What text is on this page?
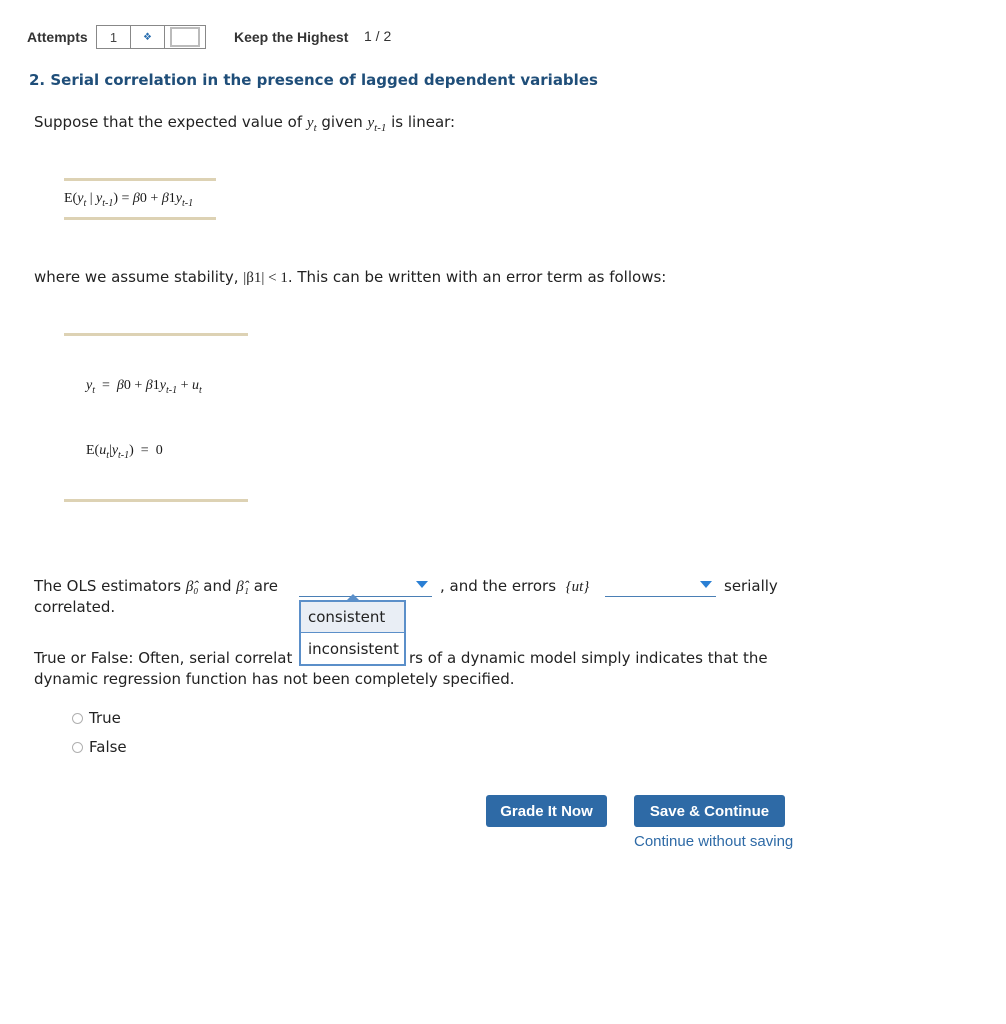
Attempts	1	❖	Keep the Highest 1 / 2
2. Serial correlation in the presence of lagged dependent variables
Suppose that the expected value of $y_t$ given $y_{t-1}$ is linear:
$E(y_t$ | $y_{t-1}) = \beta 0 + \beta 1y_{t-1}$
where we assume stability, |β1| < 1. This can be written with an error term as follows:
$y_t = \beta 0 + \beta 1y_{t-1} + u_t$
$E(u_t|y_{t-1}) = 0$
The OLS estimators β̂₀ and β̂₁ are	, and the errors  {ut}	serially
correlated.
True or False: Often, serial correlat	rs of a dynamic model simply indicates that the
dynamic regression function has not been completely specified.
consistent
inconsistent
True
False
Grade It Now	Save & Continue
Continue without saving
